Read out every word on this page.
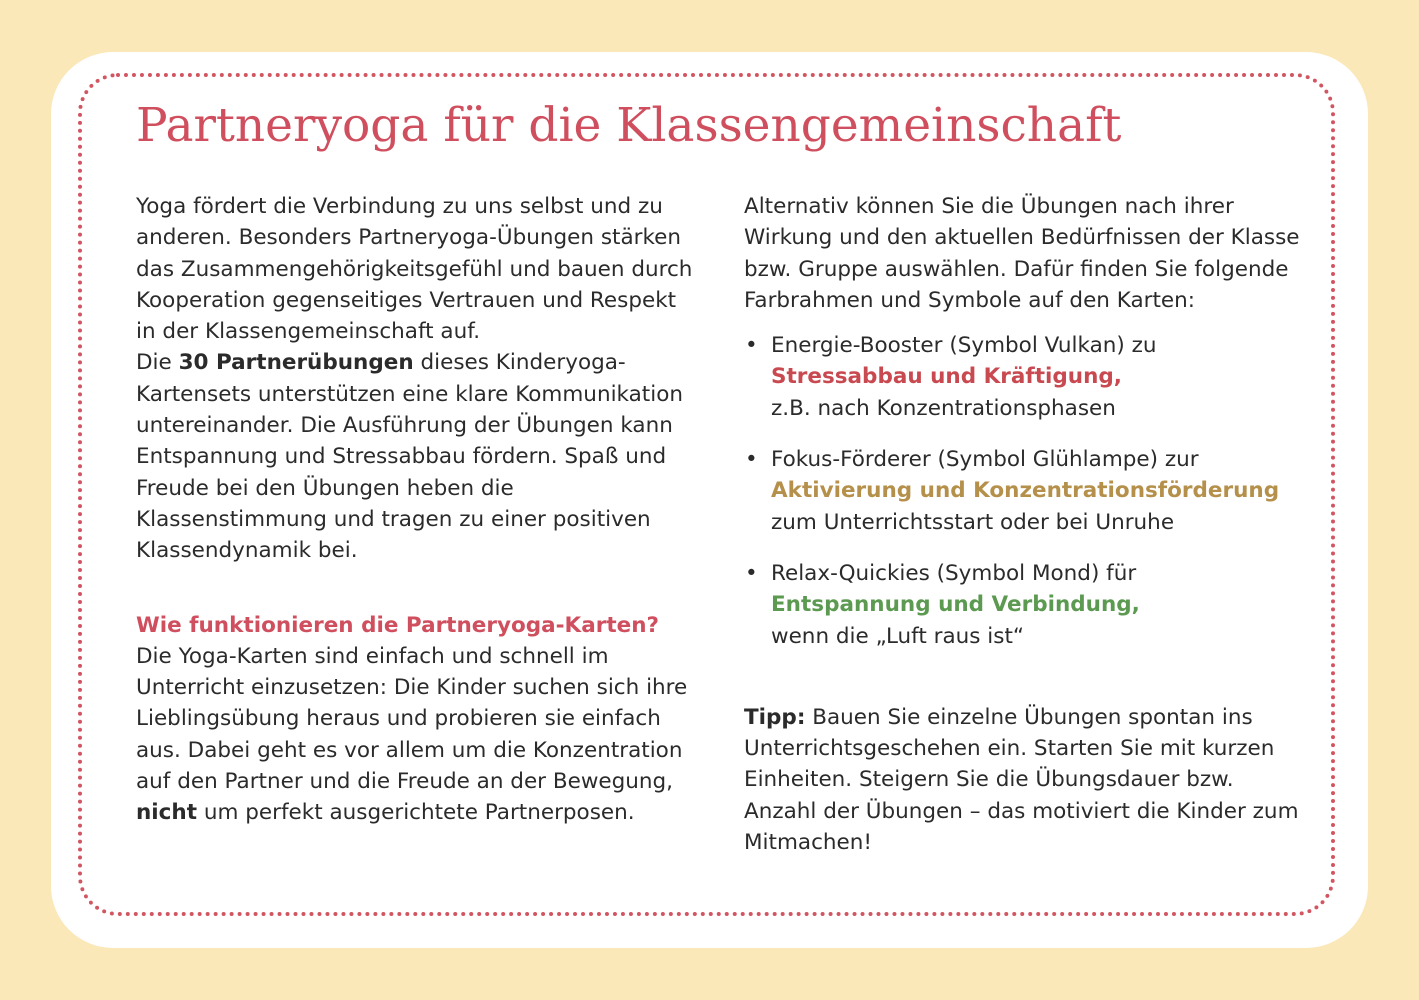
Partneryoga für die Klassengemeinschaft

Yoga fördert die Verbindung zu uns selbst und zu anderen. Besonders Partneryoga-Übungen stärken das Zusammengehörigkeitsgefühl und bauen durch Kooperation gegenseitiges Vertrauen und Respekt in der Klassengemeinschaft auf.

Die 30 Partnerübungen dieses Kinderyoga-Kartensets unterstützen eine klare Kommunikation untereinander. Die Ausführung der Übungen kann Entspannung und Stressabbau fördern. Spaß und Freude bei den Übungen heben die Klassenstimmung und tragen zu einer positiven Klassendynamik bei.

Wie funktionieren die Partneryoga-Karten?

Die Yoga-Karten sind einfach und schnell im Unterricht einzusetzen: Die Kinder suchen sich ihre Lieblingsübung heraus und probieren sie einfach aus. Dabei geht es vor allem um die Konzentration auf den Partner und die Freude an der Bewegung, nicht um perfekt ausgerichtete Partnerposen.

Alternativ können Sie die Übungen nach ihrer Wirkung und den aktuellen Bedürfnissen der Klasse bzw. Gruppe auswählen. Dafür finden Sie folgende Farbrahmen und Symbole auf den Karten:

• Energie-Booster (Symbol Vulkan) zu
Stressabbau und Kräftigung,
z.B. nach Konzentrationsphasen
• Fokus-Förderer (Symbol Glühlampe) zur
Aktivierung und Konzentrationsförderung
zum Unterrichtsstart oder bei Unruhe
• Relax-Quickies (Symbol Mond) für
Entspannung und Verbindung,
wenn die „Luft raus ist“

Tipp: Bauen Sie einzelne Übungen spontan ins Unterrichtsgeschehen ein. Starten Sie mit kurzen Einheiten. Steigern Sie die Übungsdauer bzw. Anzahl der Übungen – das motiviert die Kinder zum Mitmachen!
